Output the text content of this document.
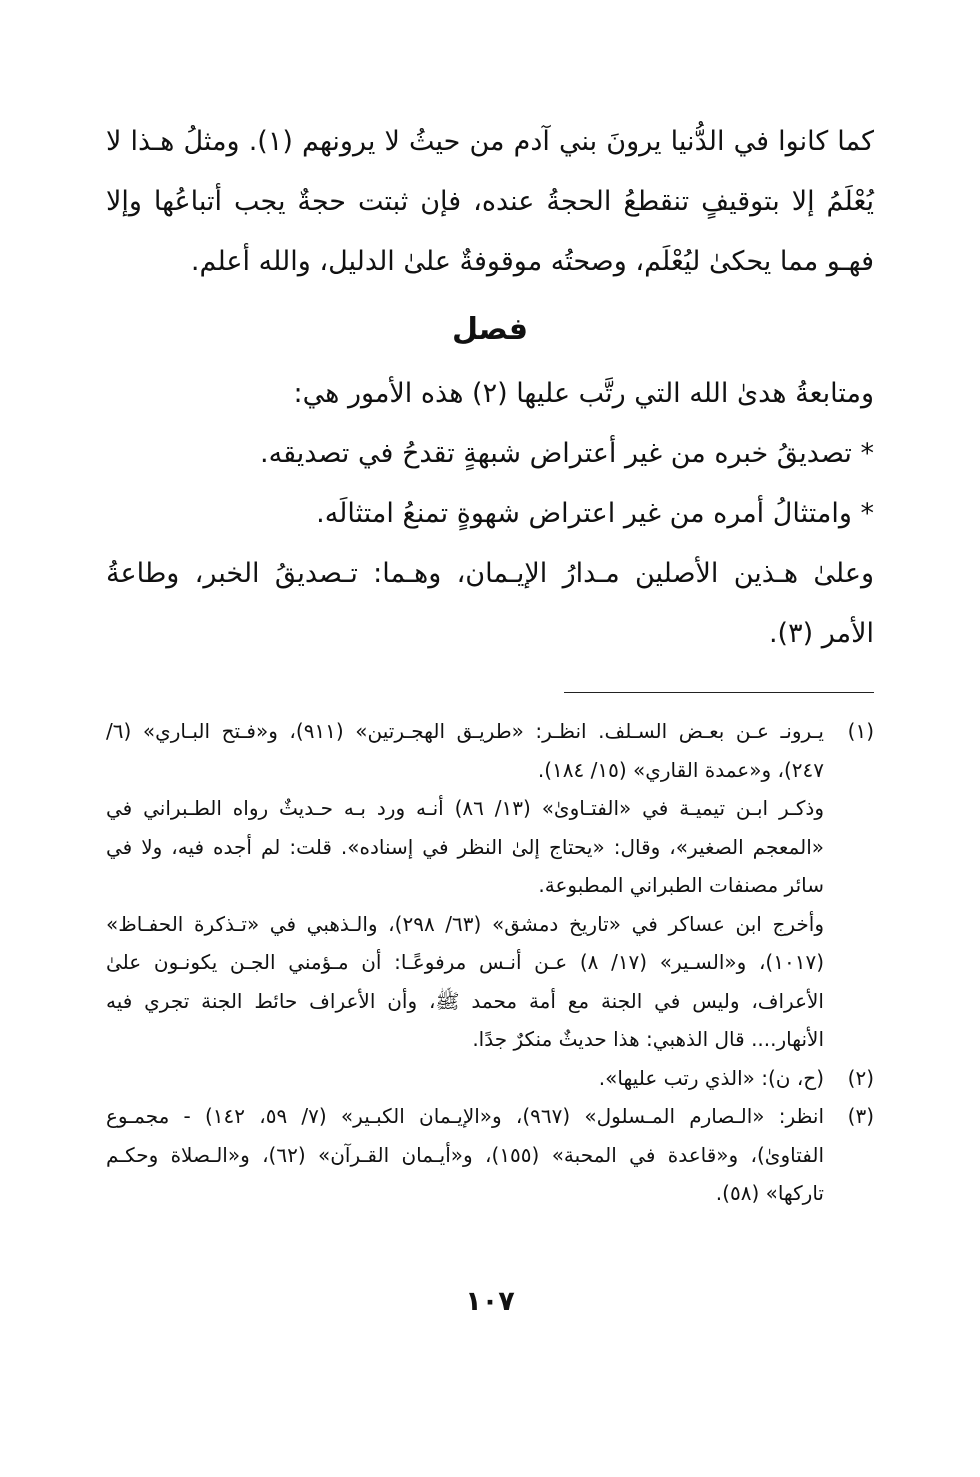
كما كانوا في الدُّنيا يرونَ بني آدم من حيثُ لا يرونهم (١). ومثلُ هـذا لا يُعْلَمُ إلا بتوقيفٍ تنقطعُ الحجةُ عنده، فإن ثبتت حجةٌ يجب أتباعُها وإلا فهـو مما يحكىٰ ليُعْلَم، وصحتُه موقوفةٌ علىٰ الدليل، والله أعلم.

فصل

ومتابعةُ هدىٰ الله التي رتَّب عليها (٢) هذه الأمور هي:

* تصديقُ خبره من غير أعتراض شبهةٍ تقدحُ في تصديقه.

* وامتثالُ أمره من غير اعتراض شهوةٍ تمنعُ امتثالَه.

وعلىٰ هـذين الأصلين مـدارُ الإيـمان، وهـما: تـصديقُ الخبر، وطاعةُ الأمر (٣).

(١)

يـرونـ عـن بعـض السـلف. انظـر: «طريـق الهجـرتين» (٩١١)، و«فـتح البـاري» (٦/ ٢٤٧)، و«عمدة القاري» (١٥/ ١٨٤).

وذكـر ابـن تيميـة في «الفتـاوىٰ» (١٣/ ٨٦) أنـه ورد بـه حـديثٌ رواه الطـبراني في «المعجم الصغير»، وقال: «يحتاج إلىٰ النظر في إسناده». قلت: لم أجده فيه، ولا في سائر مصنفات الطبراني المطبوعة.

وأخرج ابن عساكر في «تاريخ دمشق» (٦٣/ ٢٩٨)، والـذهبي في «تـذكرة الحفـاظ» (١٠١٧)، و«السـير» (١٧/ ٨) عـن أنـس مرفوعًـا: أن مـؤمني الجـن يكونـون علىٰ الأعراف، وليس في الجنة مع أمة محمد ﷺ، وأن الأعراف حائط الجنة تجري فيه الأنهار.... قال الذهبي: هذا حديثٌ منكرٌ جدًا.

(٢)

(ح، ن): «الذي رتب عليها».

(٣)

انظر: «الـصارم المـسلول» (٩٦٧)، و«الإيـمان الكبـير» (٧/ ٥٩، ١٤٢) - مجمـوع الفتاوىٰ)، و«قاعدة في المحبة» (١٥٥)، و«أيـمان القـرآن» (٦٢)، و«الـصلاة وحكـم تاركها» (٥٨).

١٠٧
